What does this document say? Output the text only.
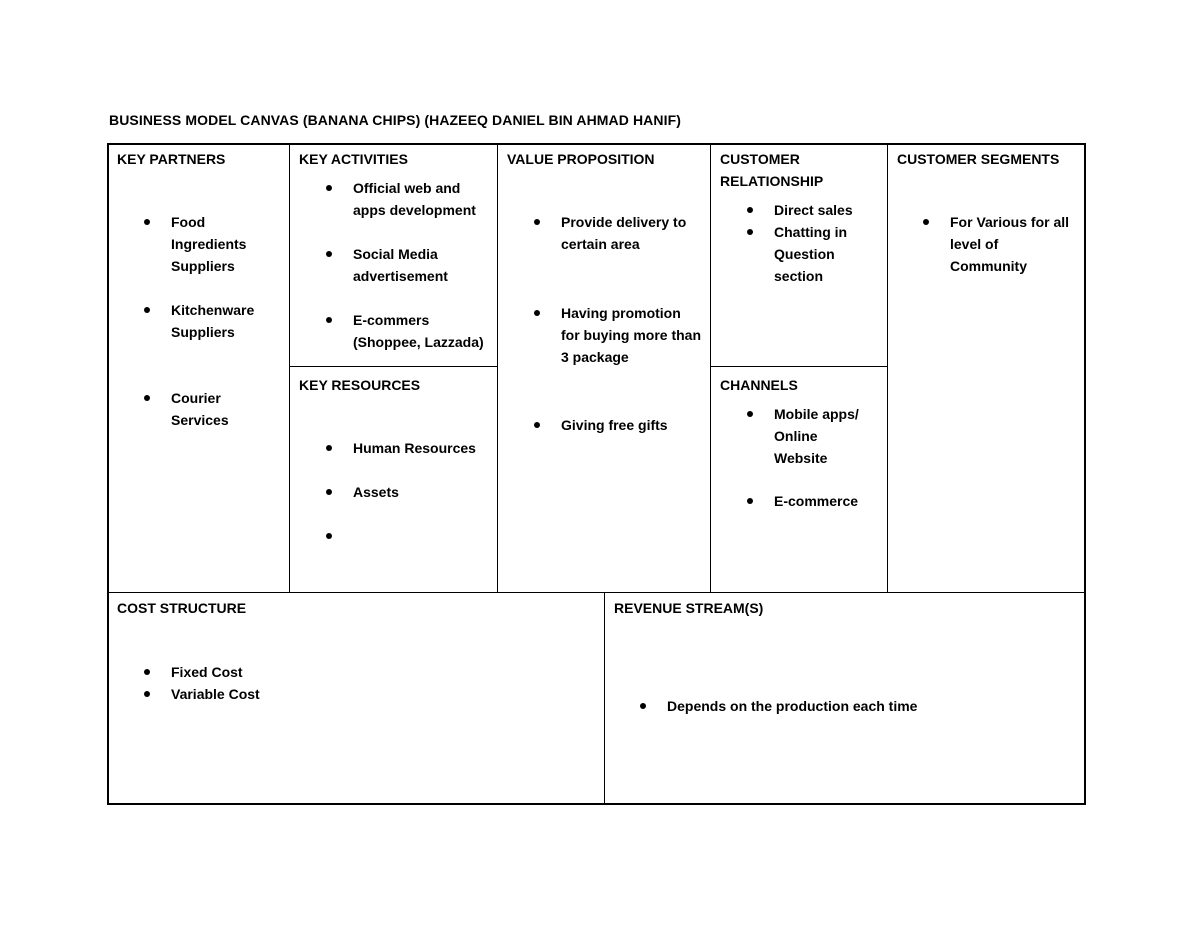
BUSINESS MODEL CANVAS (BANANA CHIPS) (HAZEEQ DANIEL BIN AHMAD HANIF)
KEY PARTNERS
Food Ingredients Suppliers
Kitchenware Suppliers
Courier Services
KEY ACTIVITIES
Official web and apps development
Social Media advertisement
E-commers (Shoppee, Lazzada)
KEY RESOURCES
Human Resources
Assets
VALUE PROPOSITION
Provide delivery to certain area
Having promotion for buying more than 3 package
Giving free gifts
CUSTOMER RELATIONSHIP
Direct sales
Chatting in Question section
CHANNELS
Mobile apps/ Online Website
E-commerce
CUSTOMER SEGMENTS
For Various for all level of Community
COST STRUCTURE
Fixed Cost
Variable Cost
REVENUE STREAM(S)
Depends on the production each time
